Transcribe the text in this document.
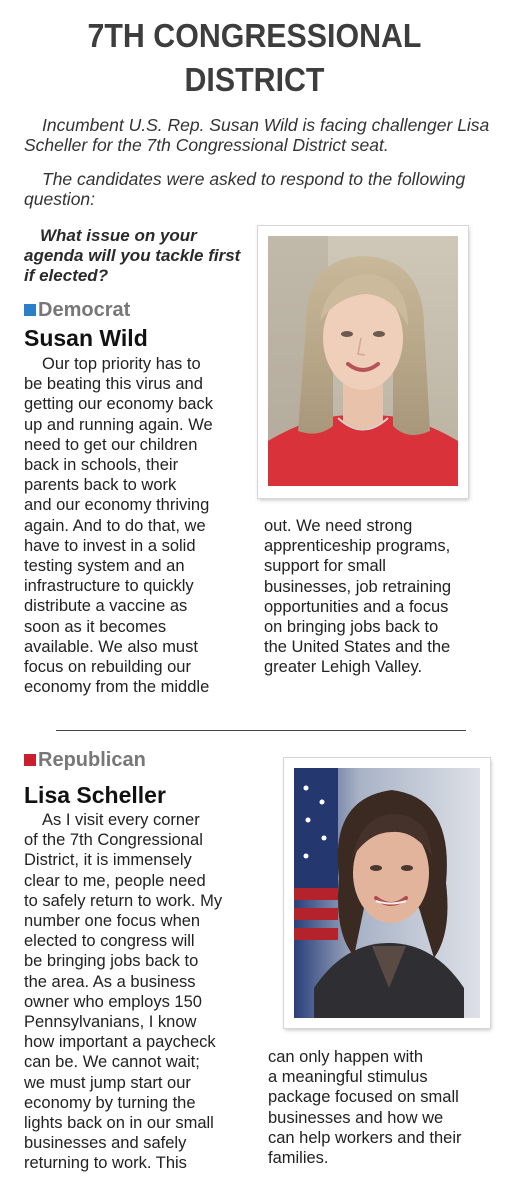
7TH CONGRESSIONAL
DISTRICT

Incumbent U.S. Rep. Susan Wild is facing challenger Lisa Scheller for the 7th Congressional District seat.

The candidates were asked to respond to the following question:

What issue on your agenda will you tackle first if elected?

Democrat
Susan Wild
Our top priority has to
be beating this virus and
getting our economy back
up and running again. We
need to get our children
back in schools, their
parents back to work
and our economy thriving
again. And to do that, we
have to invest in a solid
testing system and an
infrastructure to quickly
distribute a vaccine as
soon as it becomes
available. We also must
focus on rebuilding our
economy from the middle
out. We need strong
apprenticeship programs,
support for small
businesses, job retraining
opportunities and a focus
on bringing jobs back to
the United States and the
greater Lehigh Valley.
Republican
Lisa Scheller
As I visit every corner
of the 7th Congressional
District, it is immensely
clear to me, people need
to safely return to work. My
number one focus when
elected to congress will
be bringing jobs back to
the area. As a business
owner who employs 150
Pennsylvanians, I know
how important a paycheck
can be. We cannot wait;
we must jump start our
economy by turning the
lights back on in our small
businesses and safely
returning to work. This
can only happen with
a meaningful stimulus
package focused on small
businesses and how we
can help workers and their
families.
